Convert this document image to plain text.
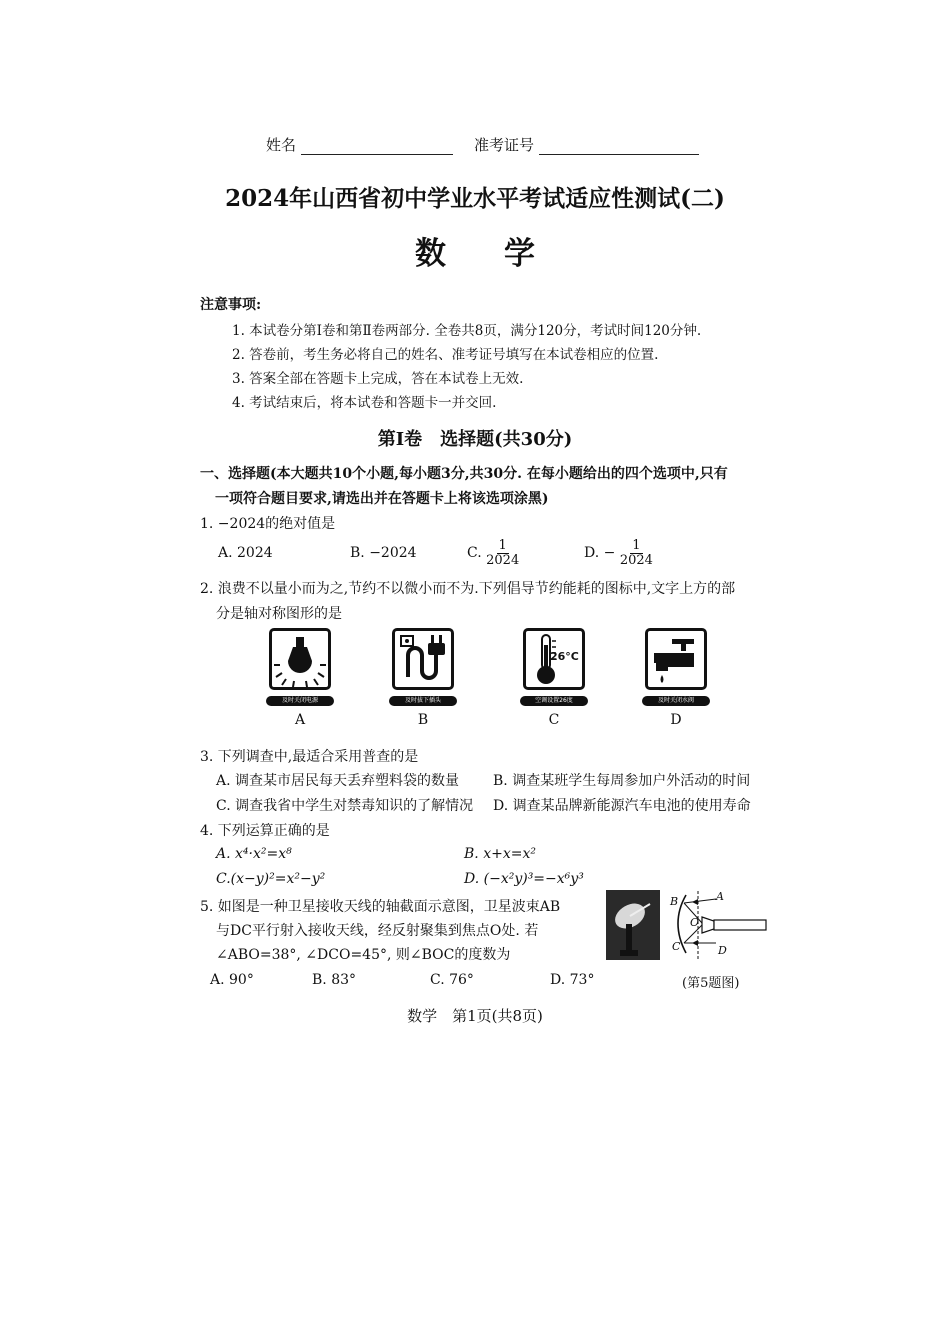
姓名	准考证号
2024年山西省初中学业水平考试适应性测试(二)
数学
注意事项:
1. 本试卷分第Ⅰ卷和第Ⅱ卷两部分. 全卷共8页，满分120分，考试时间120分钟.
2. 答卷前，考生务必将自己的姓名、准考证号填写在本试卷相应的位置.
3. 答案全部在答题卡上完成，答在本试卷上无效.
4. 考试结束后，将本试卷和答题卡一并交回.
第Ⅰ卷　选择题(共30分)
一、选择题(本大题共10个小题,每小题3分,共30分. 在每小题给出的四个选项中,只有
一项符合题目要求,请选出并在答题卡上将该选项涂黑)
1. −2024的绝对值是
A. 2024	B. −2024	C. $\frac{1}{2024}$	D. − $\frac{1}{2024}$
2. 浪费不以量小而为之,节约不以微小而不为.下列倡导节约能耗的图标中,文字上方的部
分是轴对称图形的是
及时关闭电源
A
及时拔下插头
B
26°C
空调设置26度
C
及时关闭水阀
D
3. 下列调查中,最适合采用普查的是
A. 调查某市居民每天丢弃塑料袋的数量 B. 调查某班学生每周参加户外活动的时间
C. 调查我省中学生对禁毒知识的了解情况 D. 调查某品牌新能源汽车电池的使用寿命
4. 下列运算正确的是
A. x⁴·x²=x⁸	B. x+x=x²
C.(x−y)²=x²−y²	D. (−x²y)³=−x⁶y³
5. 如图是一种卫星接收天线的轴截面示意图，卫星波束AB
与DC平行射入接收天线，经反射聚集到焦点O处. 若
∠ABO=38°, ∠DCO=45°, 则∠BOC的度数为
A. 90°	B. 83°	C. 76°	D. 73°
A
B
O
C	D
(第5题图)
数学　第1页(共8页)
